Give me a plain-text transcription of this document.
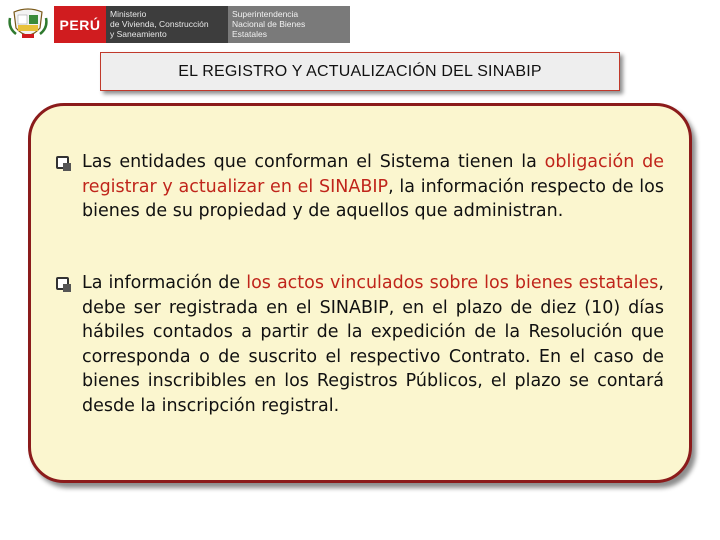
PERÚ
Ministerio
de Vivienda, Construcción
y Saneamiento
Superintendencia
Nacional de Bienes
Estatales
EL REGISTRO Y ACTUALIZACIÓN DEL SINABIP
Las entidades que conforman el Sistema tienen la obligación de registrar y actualizar en el SINABIP, la información respecto de los bienes de su propiedad y de aquellos que administran.
La información de los actos vinculados sobre los bienes estatales, debe ser registrada en el SINABIP, en el plazo de diez (10) días hábiles contados a partir de la expedición de la Resolución que corresponda o de suscrito el respectivo Contrato. En el caso de bienes inscribibles en los Registros Públicos, el plazo se contará desde la inscripción registral.
